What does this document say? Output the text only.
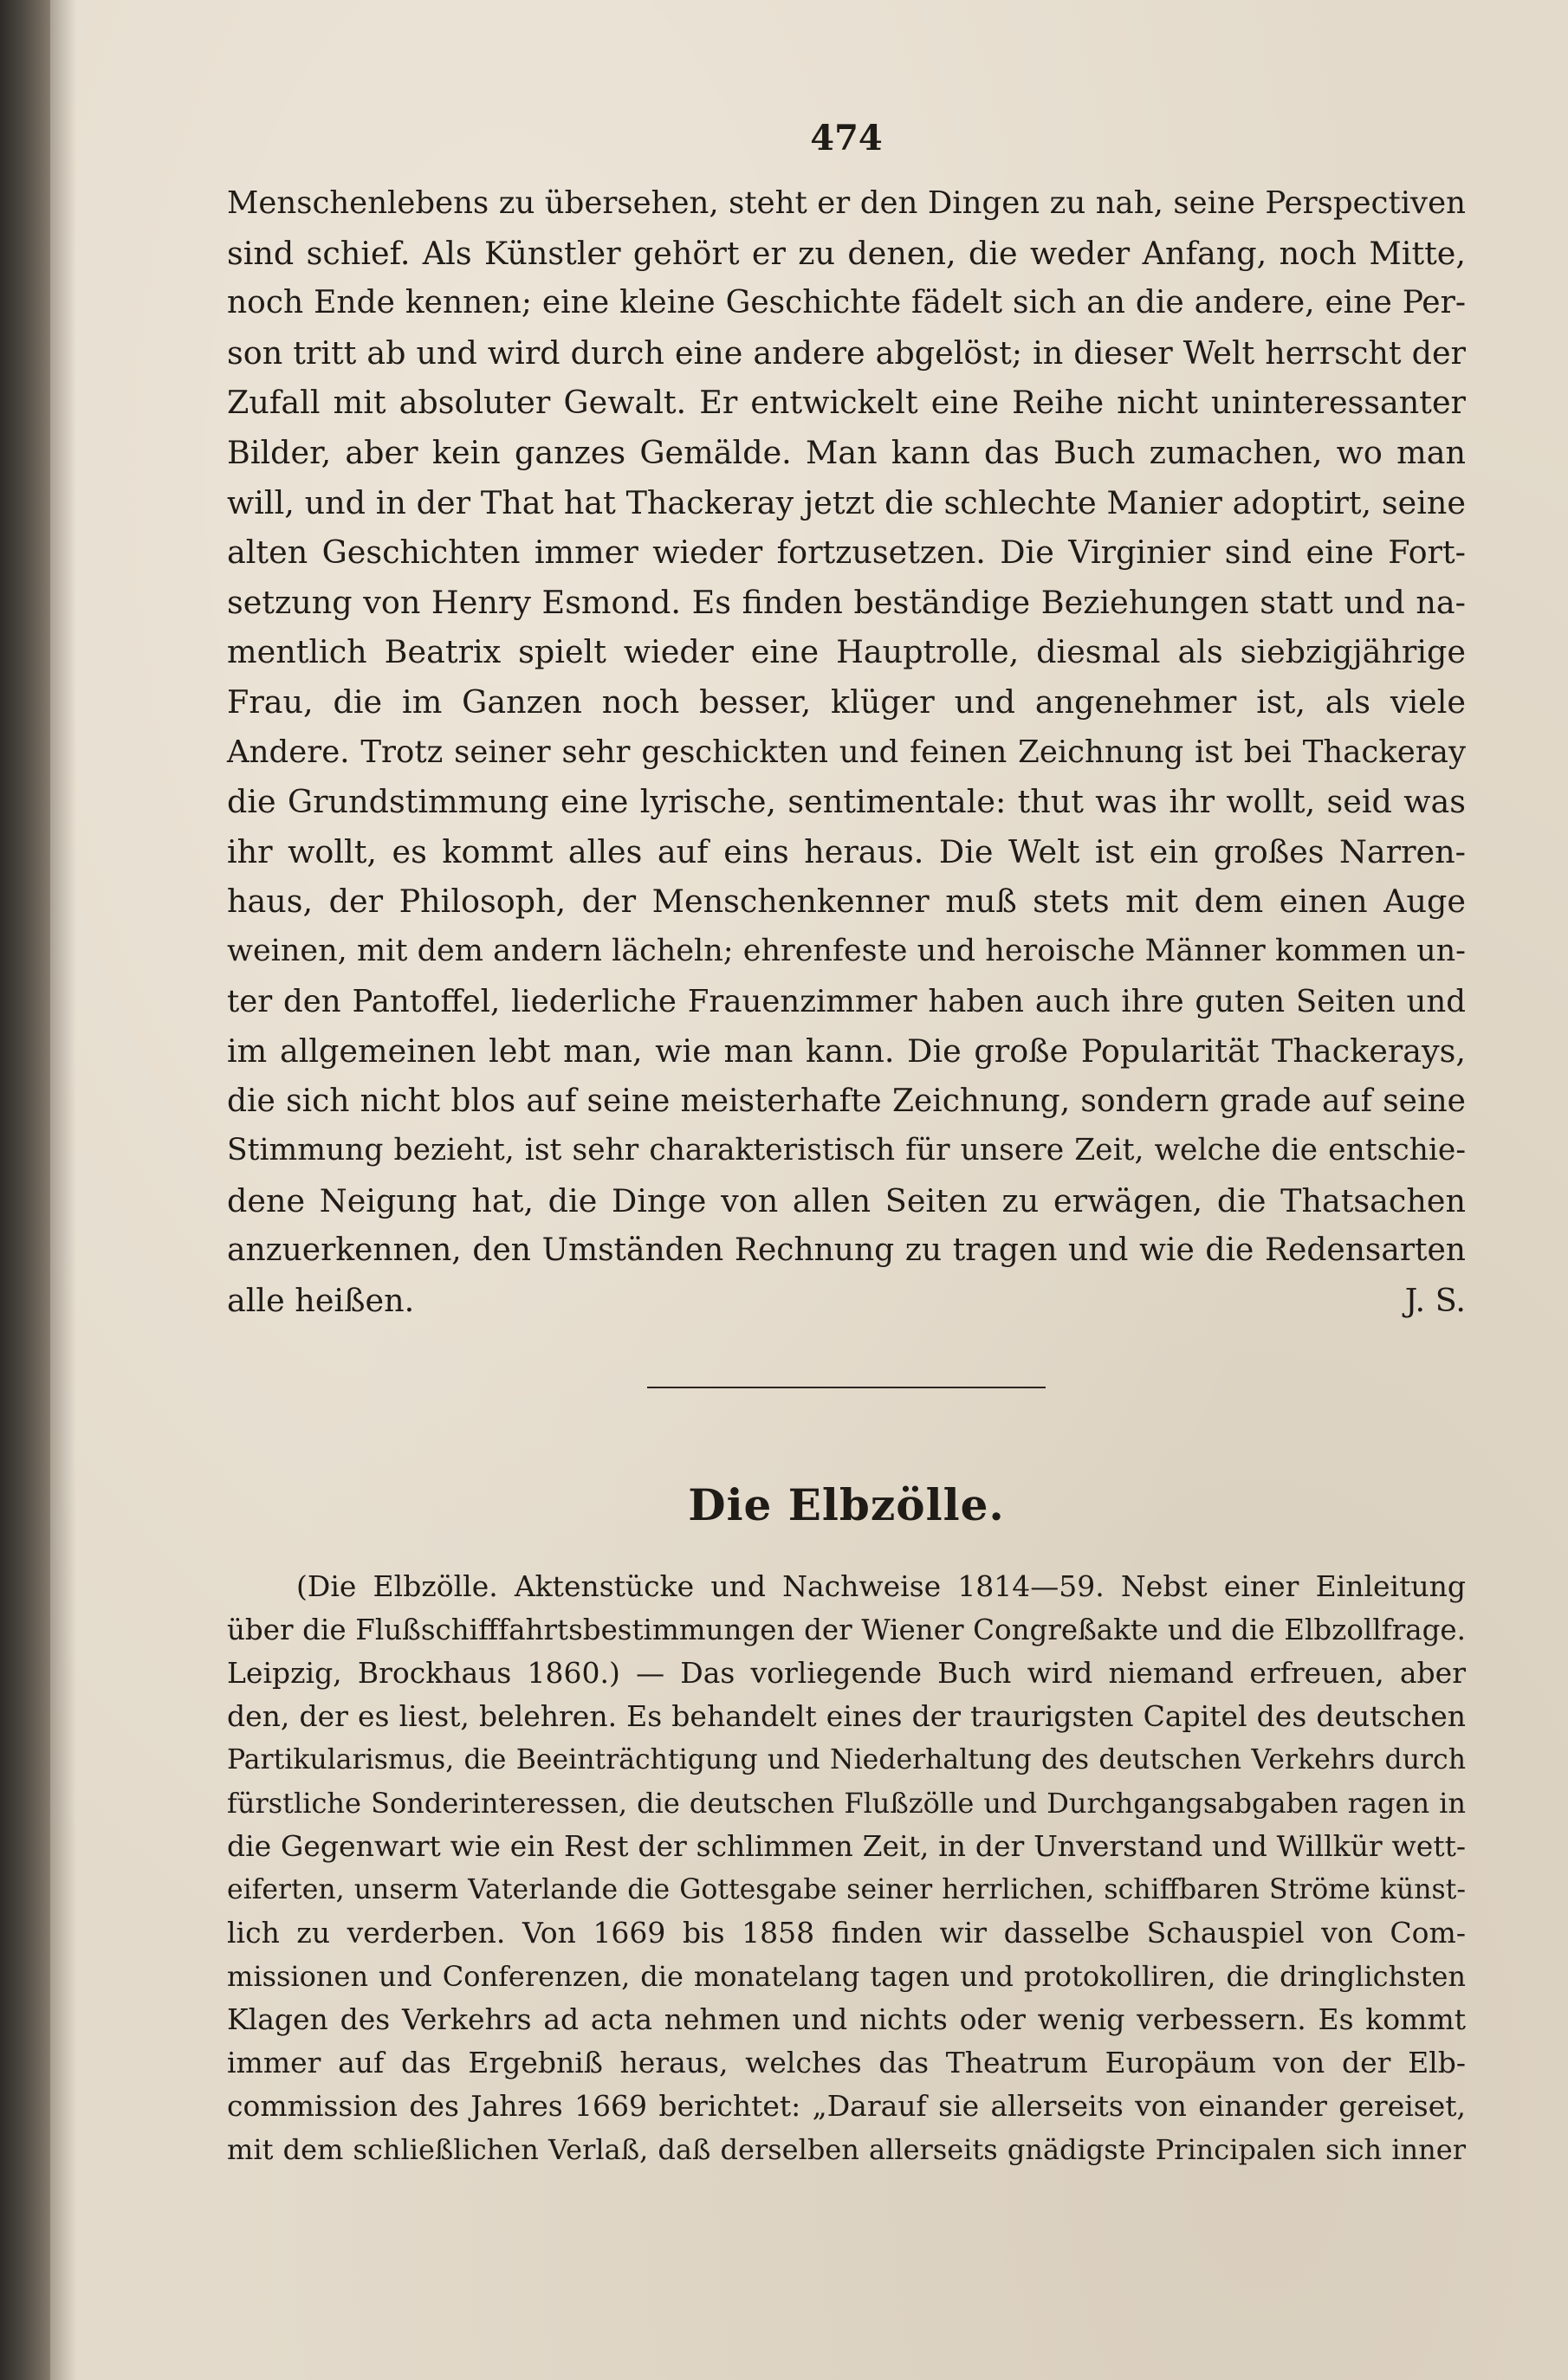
474
Menschenlebens zu übersehen, steht er den Dingen zu nah, seine Perspectiven
sind schief. Als Künstler gehört er zu denen, die weder Anfang, noch Mitte,
noch Ende kennen; eine kleine Geschichte fädelt sich an die andere, eine Per-
son tritt ab und wird durch eine andere abgelöst; in dieser Welt herrscht der
Zufall mit absoluter Gewalt. Er entwickelt eine Reihe nicht uninteressanter
Bilder, aber kein ganzes Gemälde. Man kann das Buch zumachen, wo man
will, und in der That hat Thackeray jetzt die schlechte Manier adoptirt, seine
alten Geschichten immer wieder fortzusetzen. Die Virginier sind eine Fort-
setzung von Henry Esmond. Es finden beständige Beziehungen statt und na-
mentlich Beatrix spielt wieder eine Hauptrolle, diesmal als siebzigjährige
Frau, die im Ganzen noch besser, klüger und angenehmer ist, als viele
Andere. Trotz seiner sehr geschickten und feinen Zeichnung ist bei Thackeray
die Grundstimmung eine lyrische, sentimentale: thut was ihr wollt, seid was
ihr wollt, es kommt alles auf eins heraus. Die Welt ist ein großes Narren-
haus, der Philosoph, der Menschenkenner muß stets mit dem einen Auge
weinen, mit dem andern lächeln; ehrenfeste und heroische Männer kommen un-
ter den Pantoffel, liederliche Frauenzimmer haben auch ihre guten Seiten und
im allgemeinen lebt man, wie man kann. Die große Popularität Thackerays,
die sich nicht blos auf seine meisterhafte Zeichnung, sondern grade auf seine
Stimmung bezieht, ist sehr charakteristisch für unsere Zeit, welche die entschie-
dene Neigung hat, die Dinge von allen Seiten zu erwägen, die Thatsachen
anzuerkennen, den Umständen Rechnung zu tragen und wie die Redensarten
alle heißen.	J. S.
Die Elbzölle.
(Die Elbzölle. Aktenstücke und Nachweise 1814—59. Nebst einer Einleitung
über die Flußschifffahrtsbestimmungen der Wiener Congreßakte und die Elbzollfrage.
Leipzig, Brockhaus 1860.) — Das vorliegende Buch wird niemand erfreuen, aber
den, der es liest, belehren. Es behandelt eines der traurigsten Capitel des deutschen
Partikularismus, die Beeinträchtigung und Niederhaltung des deutschen Verkehrs durch
fürstliche Sonderinteressen, die deutschen Flußzölle und Durchgangsabgaben ragen in
die Gegenwart wie ein Rest der schlimmen Zeit, in der Unverstand und Willkür wett-
eiferten, unserm Vaterlande die Gottesgabe seiner herrlichen, schiffbaren Ströme künst-
lich zu verderben. Von 1669 bis 1858 finden wir dasselbe Schauspiel von Com-
missionen und Conferenzen, die monatelang tagen und protokolliren, die dringlichsten
Klagen des Verkehrs ad acta nehmen und nichts oder wenig verbessern. Es kommt
immer auf das Ergebniß heraus, welches das Theatrum Europäum von der Elb-
commission des Jahres 1669 berichtet: „Darauf sie allerseits von einander gereiset,
mit dem schließlichen Verlaß, daß derselben allerseits gnädigste Principalen sich inner
